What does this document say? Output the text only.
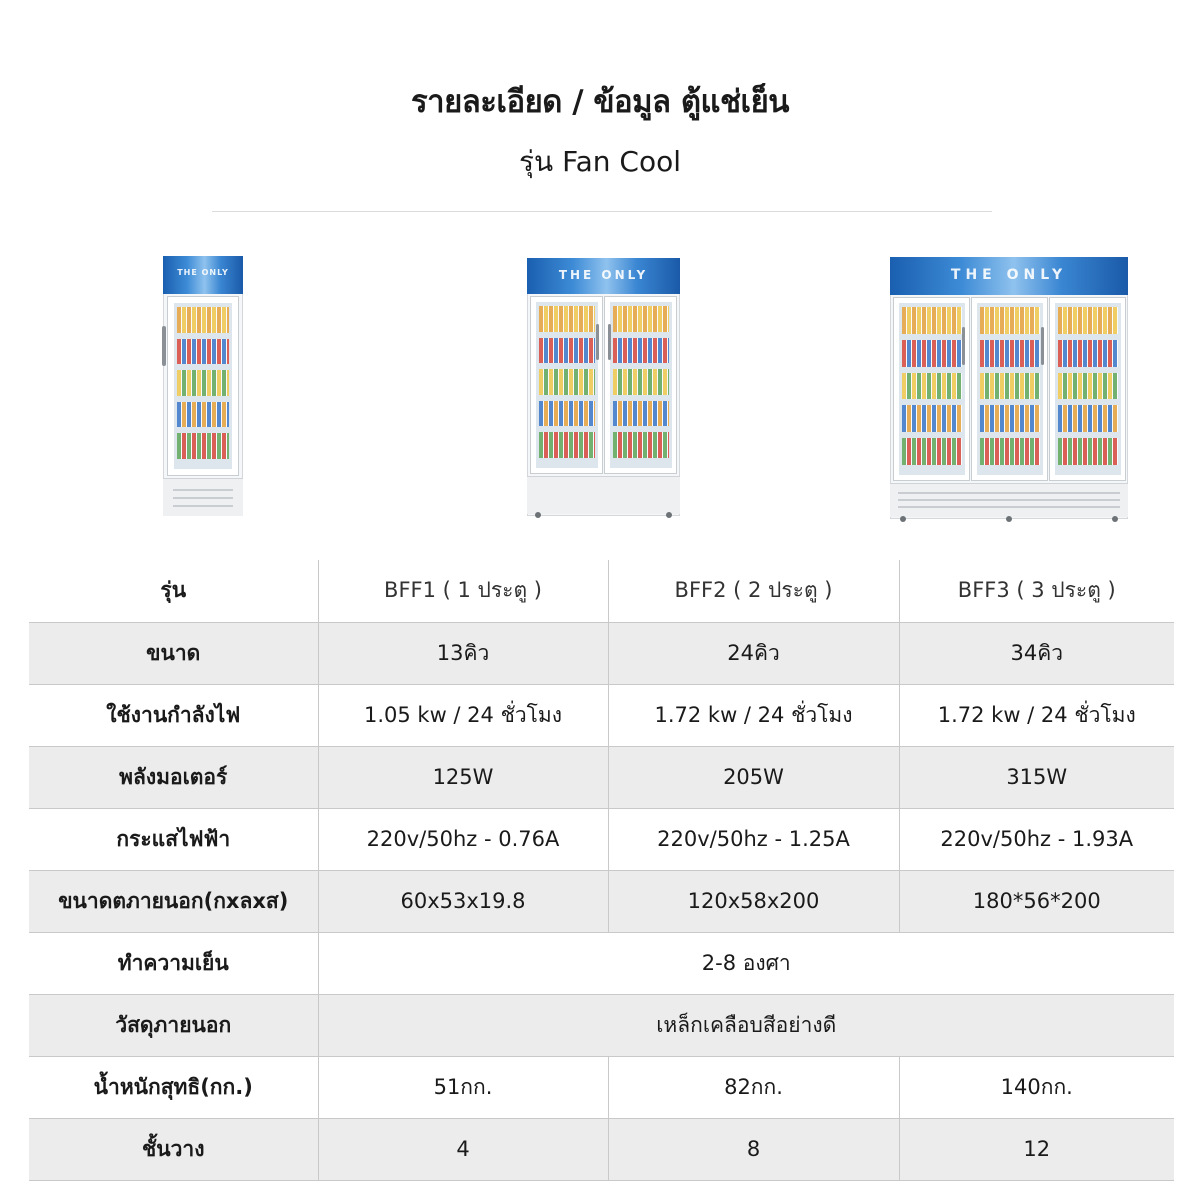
รายละเอียด / ข้อมูล ตู้แช่เย็น
รุ่น Fan Cool
THE ONLY	THE ONLY	THE ONLY
รุ่น	BFF1 ( 1 ประตู )	BFF2 ( 2 ประตู )	BFF3 ( 3 ประตู )
ขนาด	13คิว	24คิว	34คิว
ใช้งานกำลังไฟ	1.05 kw / 24 ชั่วโมง	1.72 kw / 24 ชั่วโมง	1.72 kw / 24 ชั่วโมง
พลังมอเตอร์	125W	205W	315W
กระแสไฟฟ้า	220v/50hz - 0.76A	220v/50hz - 1.25A	220v/50hz - 1.93A
ขนาดตภายนอก(กxลxส)	60x53x19.8	120x58x200	180*56*200
ทำความเย็น	2-8 องศา		
วัสดุภายนอก	เหล็กเคลือบสีอย่างดี		
น้ำหนักสุทธิ(กก.)	51กก.	82กก.	140กก.
ชั้นวาง	4	8	12
